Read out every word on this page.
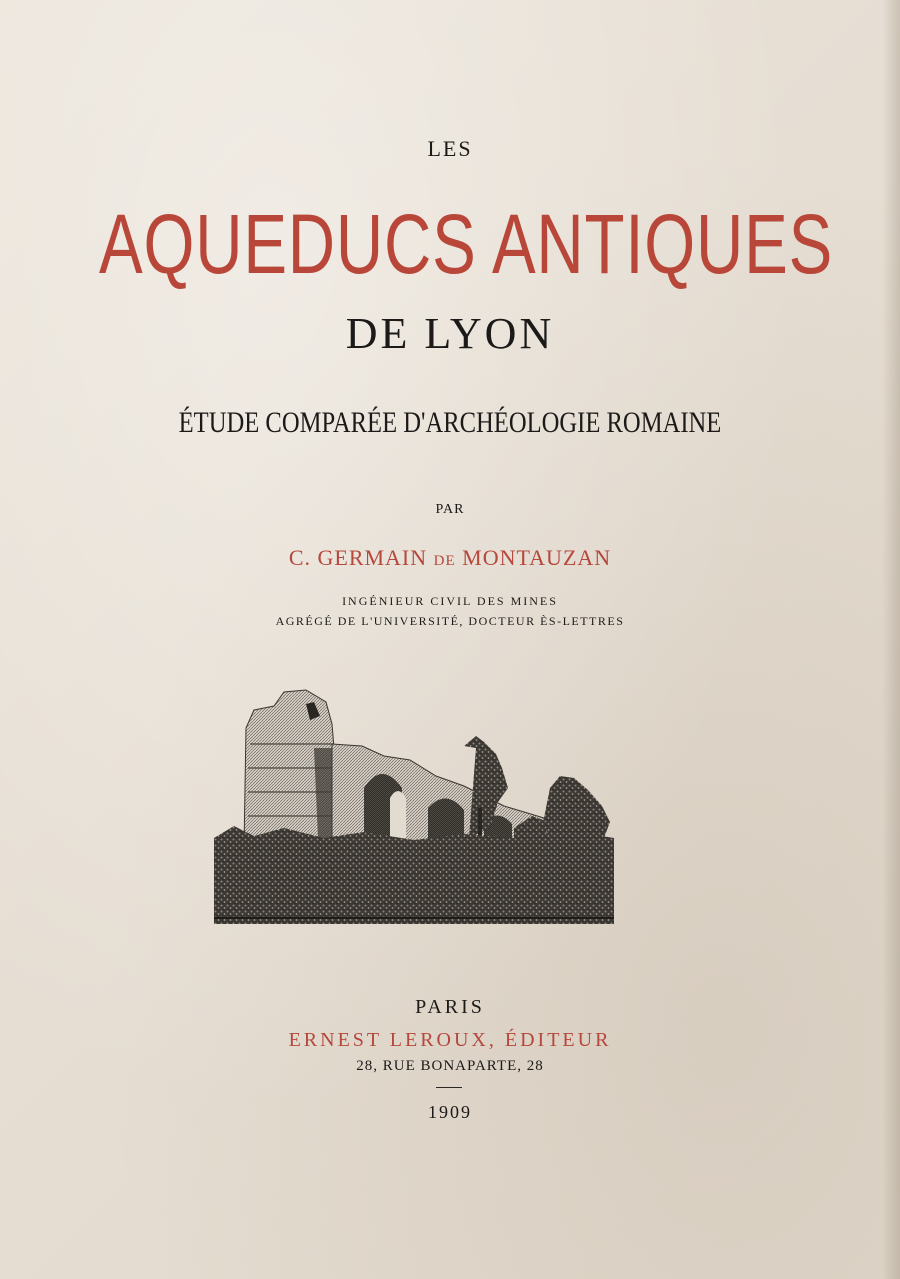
LES
AQUEDUCS ANTIQUES
DE LYON
ÉTUDE COMPARÉE D'ARCHÉOLOGIE ROMAINE
PAR
C. GERMAIN DE MONTAUZAN
INGÉNIEUR CIVIL DES MINES
AGRÉGÉ DE L'UNIVERSITÉ, DOCTEUR ÈS-LETTRES
PARIS
ERNEST LEROUX, ÉDITEUR
28, RUE BONAPARTE, 28
1909
